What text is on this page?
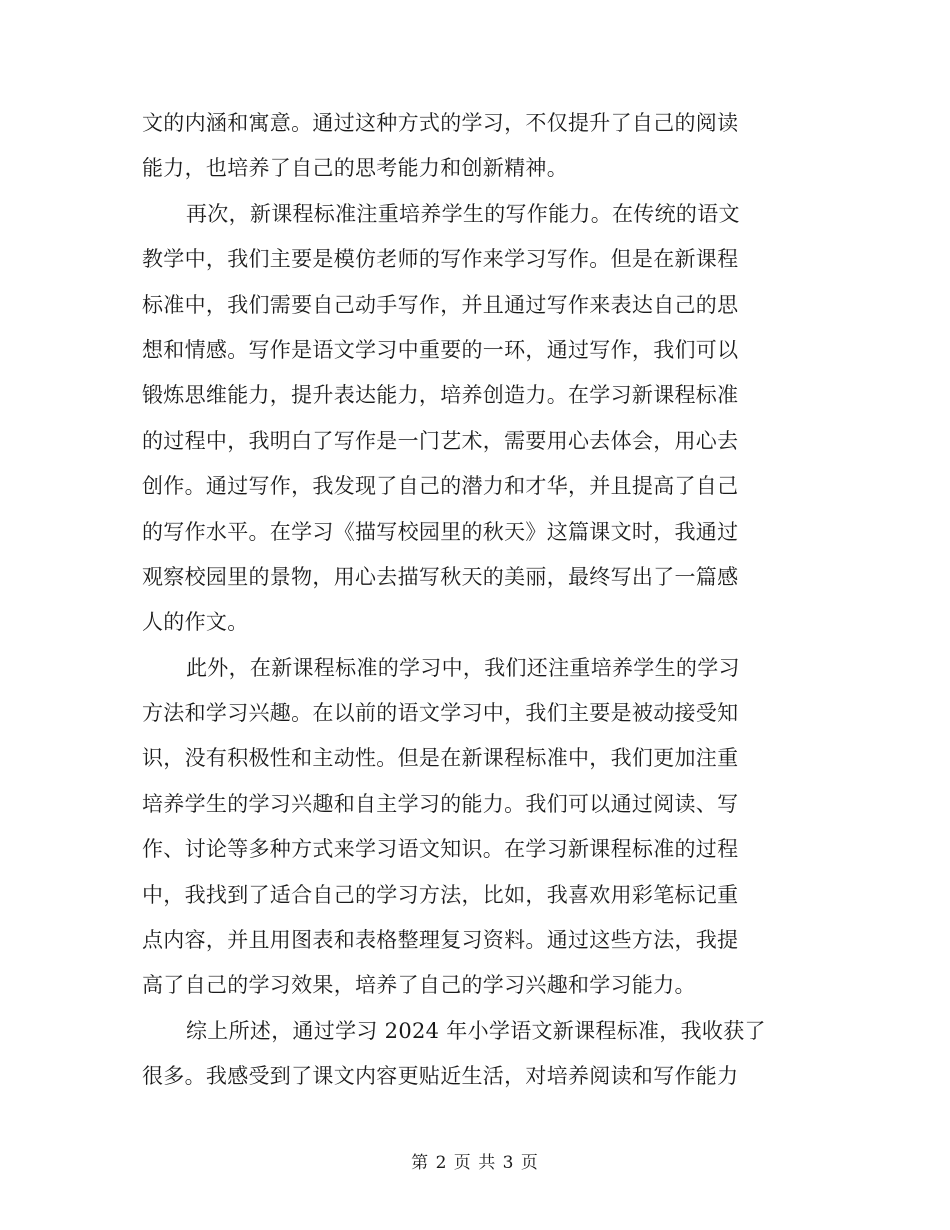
文的内涵和寓意。通过这种方式的学习，不仅提升了自己的阅读
能力，也培养了自己的思考能力和创新精神。
再次，新课程标准注重培养学生的写作能力。在传统的语文
教学中，我们主要是模仿老师的写作来学习写作。但是在新课程
标准中，我们需要自己动手写作，并且通过写作来表达自己的思
想和情感。写作是语文学习中重要的一环，通过写作，我们可以
锻炼思维能力，提升表达能力，培养创造力。在学习新课程标准
的过程中，我明白了写作是一门艺术，需要用心去体会，用心去
创作。通过写作，我发现了自己的潜力和才华，并且提高了自己
的写作水平。在学习《描写校园里的秋天》这篇课文时，我通过
观察校园里的景物，用心去描写秋天的美丽，最终写出了一篇感
人的作文。
此外，在新课程标准的学习中，我们还注重培养学生的学习
方法和学习兴趣。在以前的语文学习中，我们主要是被动接受知
识，没有积极性和主动性。但是在新课程标准中，我们更加注重
培养学生的学习兴趣和自主学习的能力。我们可以通过阅读、写
作、讨论等多种方式来学习语文知识。在学习新课程标准的过程
中，我找到了适合自己的学习方法，比如，我喜欢用彩笔标记重
点内容，并且用图表和表格整理复习资料。通过这些方法，我提
高了自己的学习效果，培养了自己的学习兴趣和学习能力。
综上所述，通过学习 2024 年小学语文新课程标准，我收获了
很多。我感受到了课文内容更贴近生活，对培养阅读和写作能力
第 2 页 共 3 页
